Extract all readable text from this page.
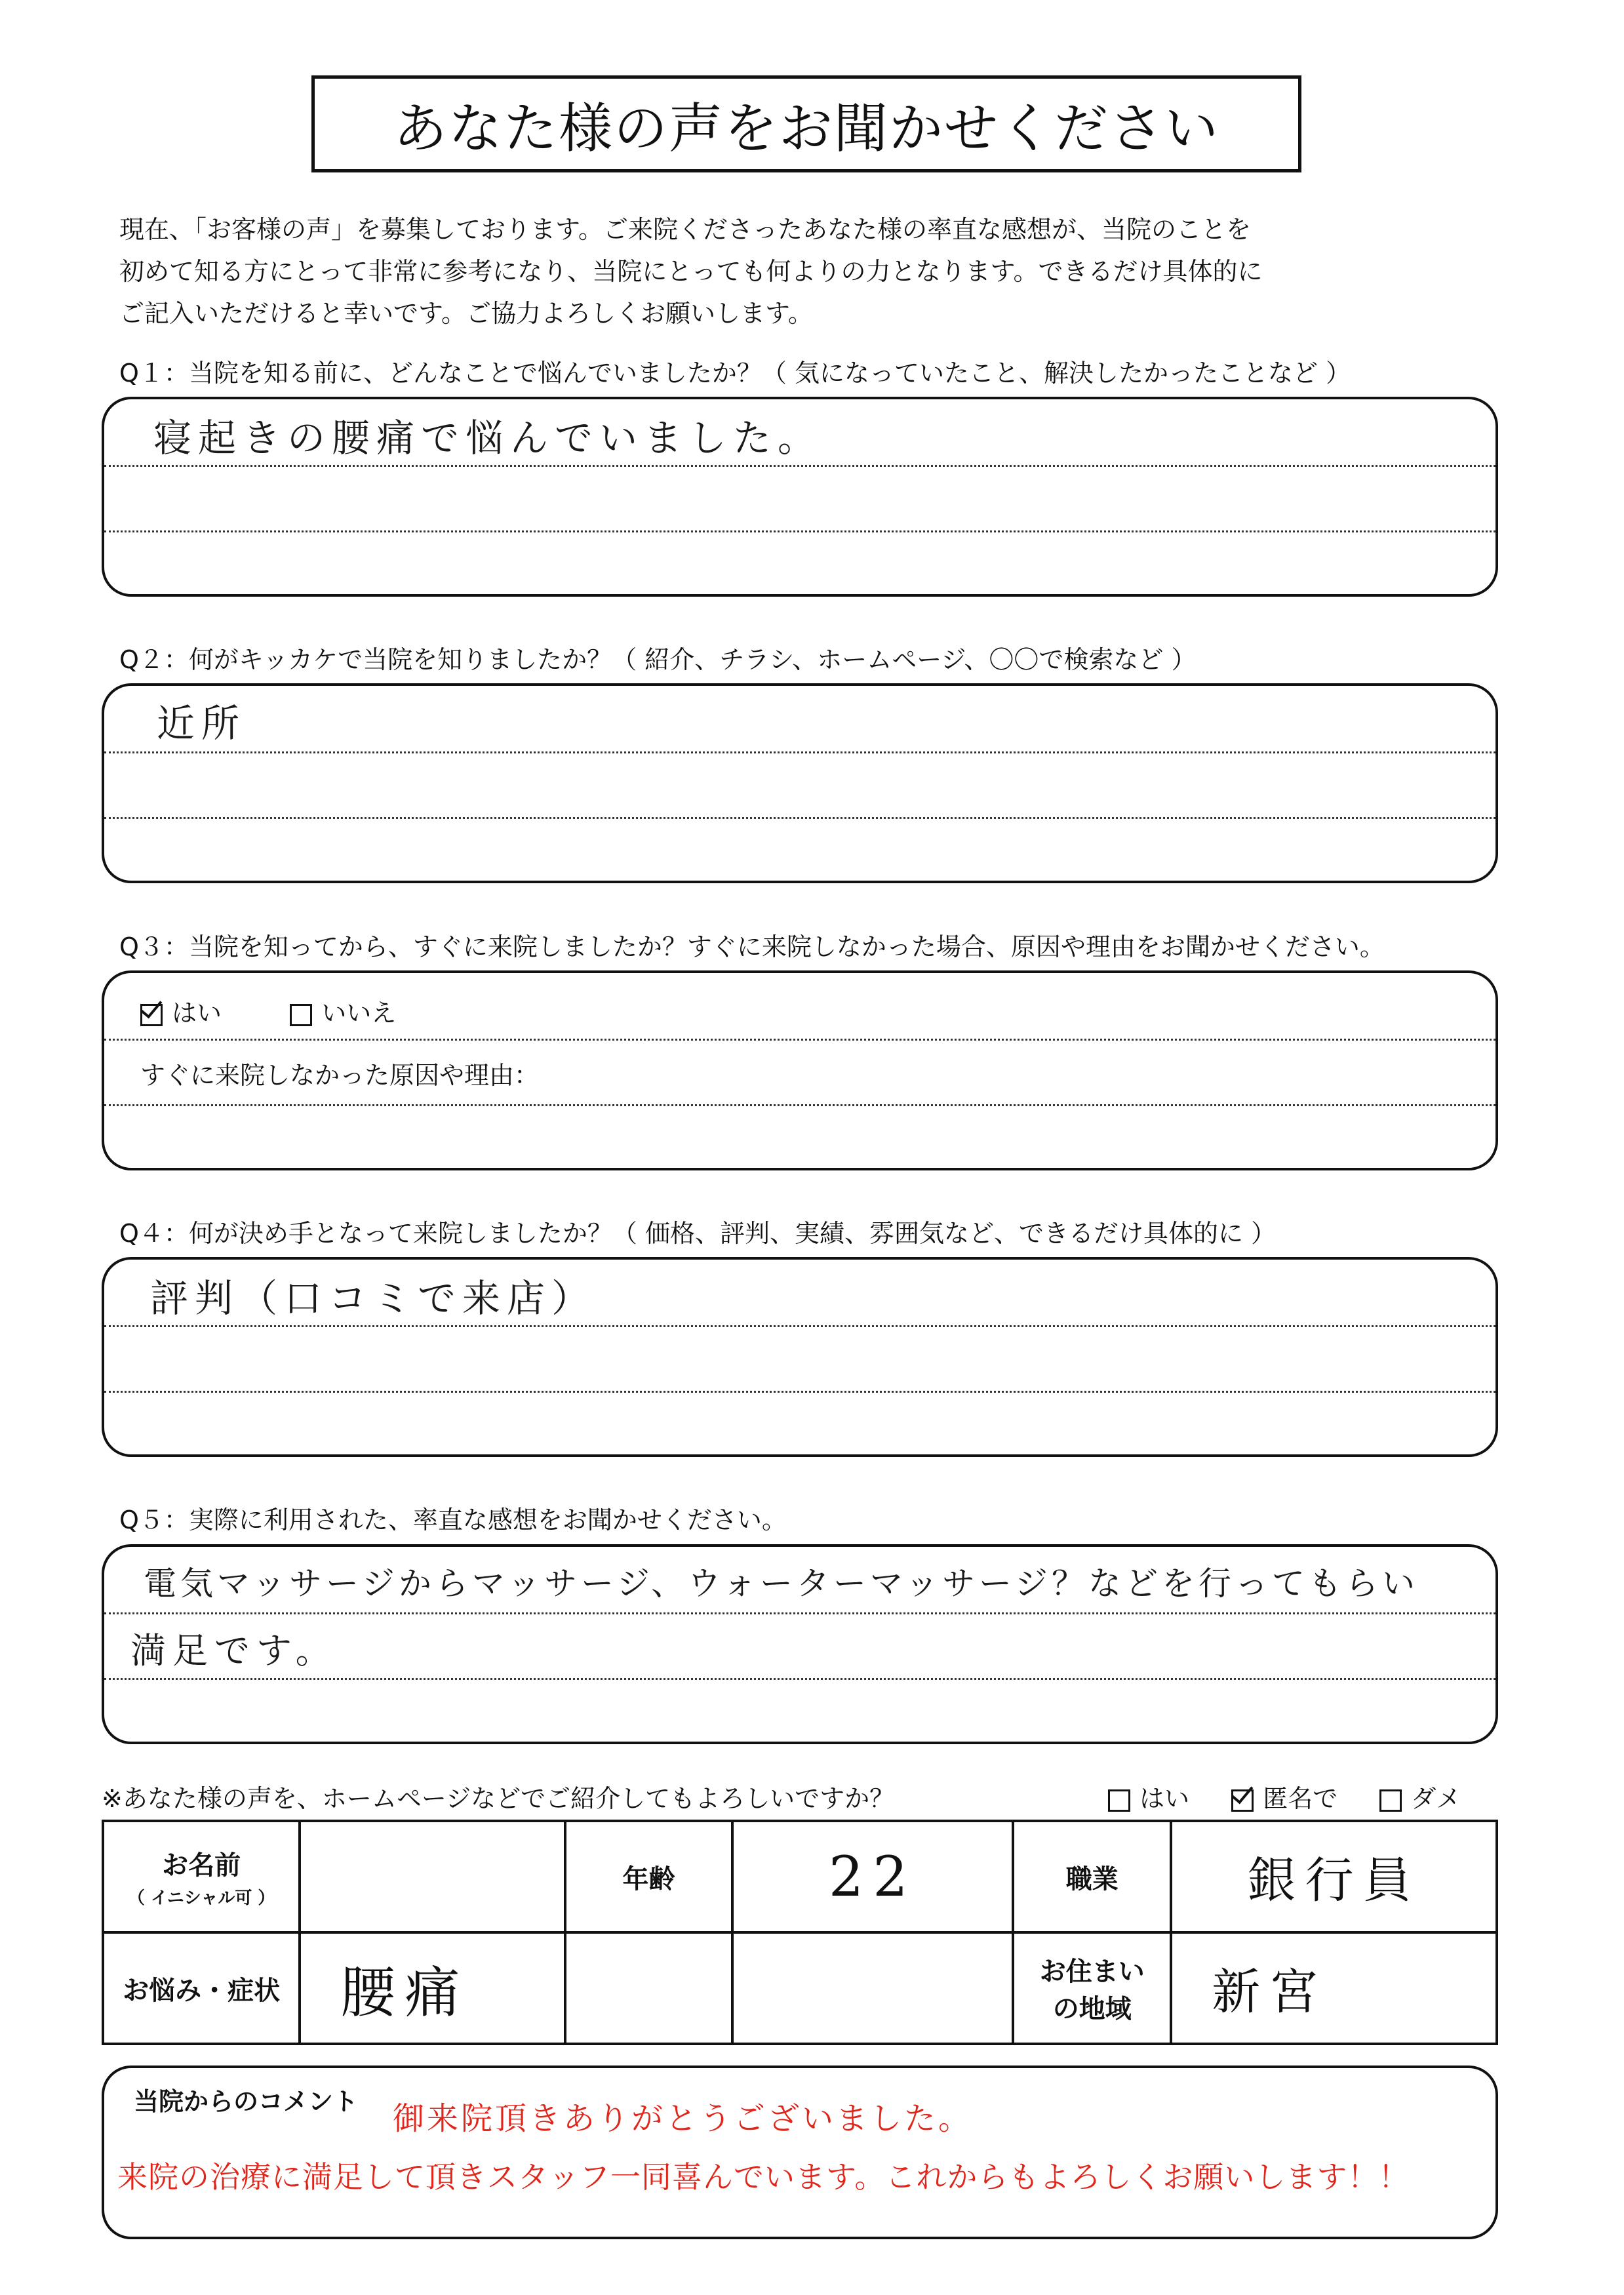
あなた様の声をお聞かせください
現在、「お客様の声」を募集しております。ご来院くださったあなた様の率直な感想が、当院のことを
初めて知る方にとって非常に参考になり、当院にとっても何よりの力となります。できるだけ具体的に
ご記入いただけると幸いです。ご協力よろしくお願いします。
Q１：当院を知る前に、どんなことで悩んでいましたか？（ 気になっていたこと、解決したかったことなど ）
寝起きの腰痛で悩んでいました。
Q２：何がキッカケで当院を知りましたか？（ 紹介、チラシ、ホームページ、〇〇で検索など ）
近所
Q３：当院を知ってから、すぐに来院しましたか？すぐに来院しなかった場合、原因や理由をお聞かせください。
はい	いいえ
すぐに来院しなかった原因や理由：
Q４：何が決め手となって来院しましたか？（ 価格、評判、実績、雰囲気など、できるだけ具体的に ）
評判（口コミで来店）
Q５：実際に利用された、率直な感想をお聞かせください。
電気マッサージからマッサージ、ウォーターマッサージ？などを行ってもらい
満足です。
※あなた様の声を、ホームページなどでご紹介してもよろしいですか？	はい	匿名で	ダメ
お名前
（ イニシャル可 ）		年齢	22	職業	銀行員
お悩み・症状	腰痛			お住まい
の地域	新宮
当院からのコメント 御来院頂きありがとうございました。
来院の治療に満足して頂きスタッフ一同喜んでいます。これからもよろしくお願いします！！
